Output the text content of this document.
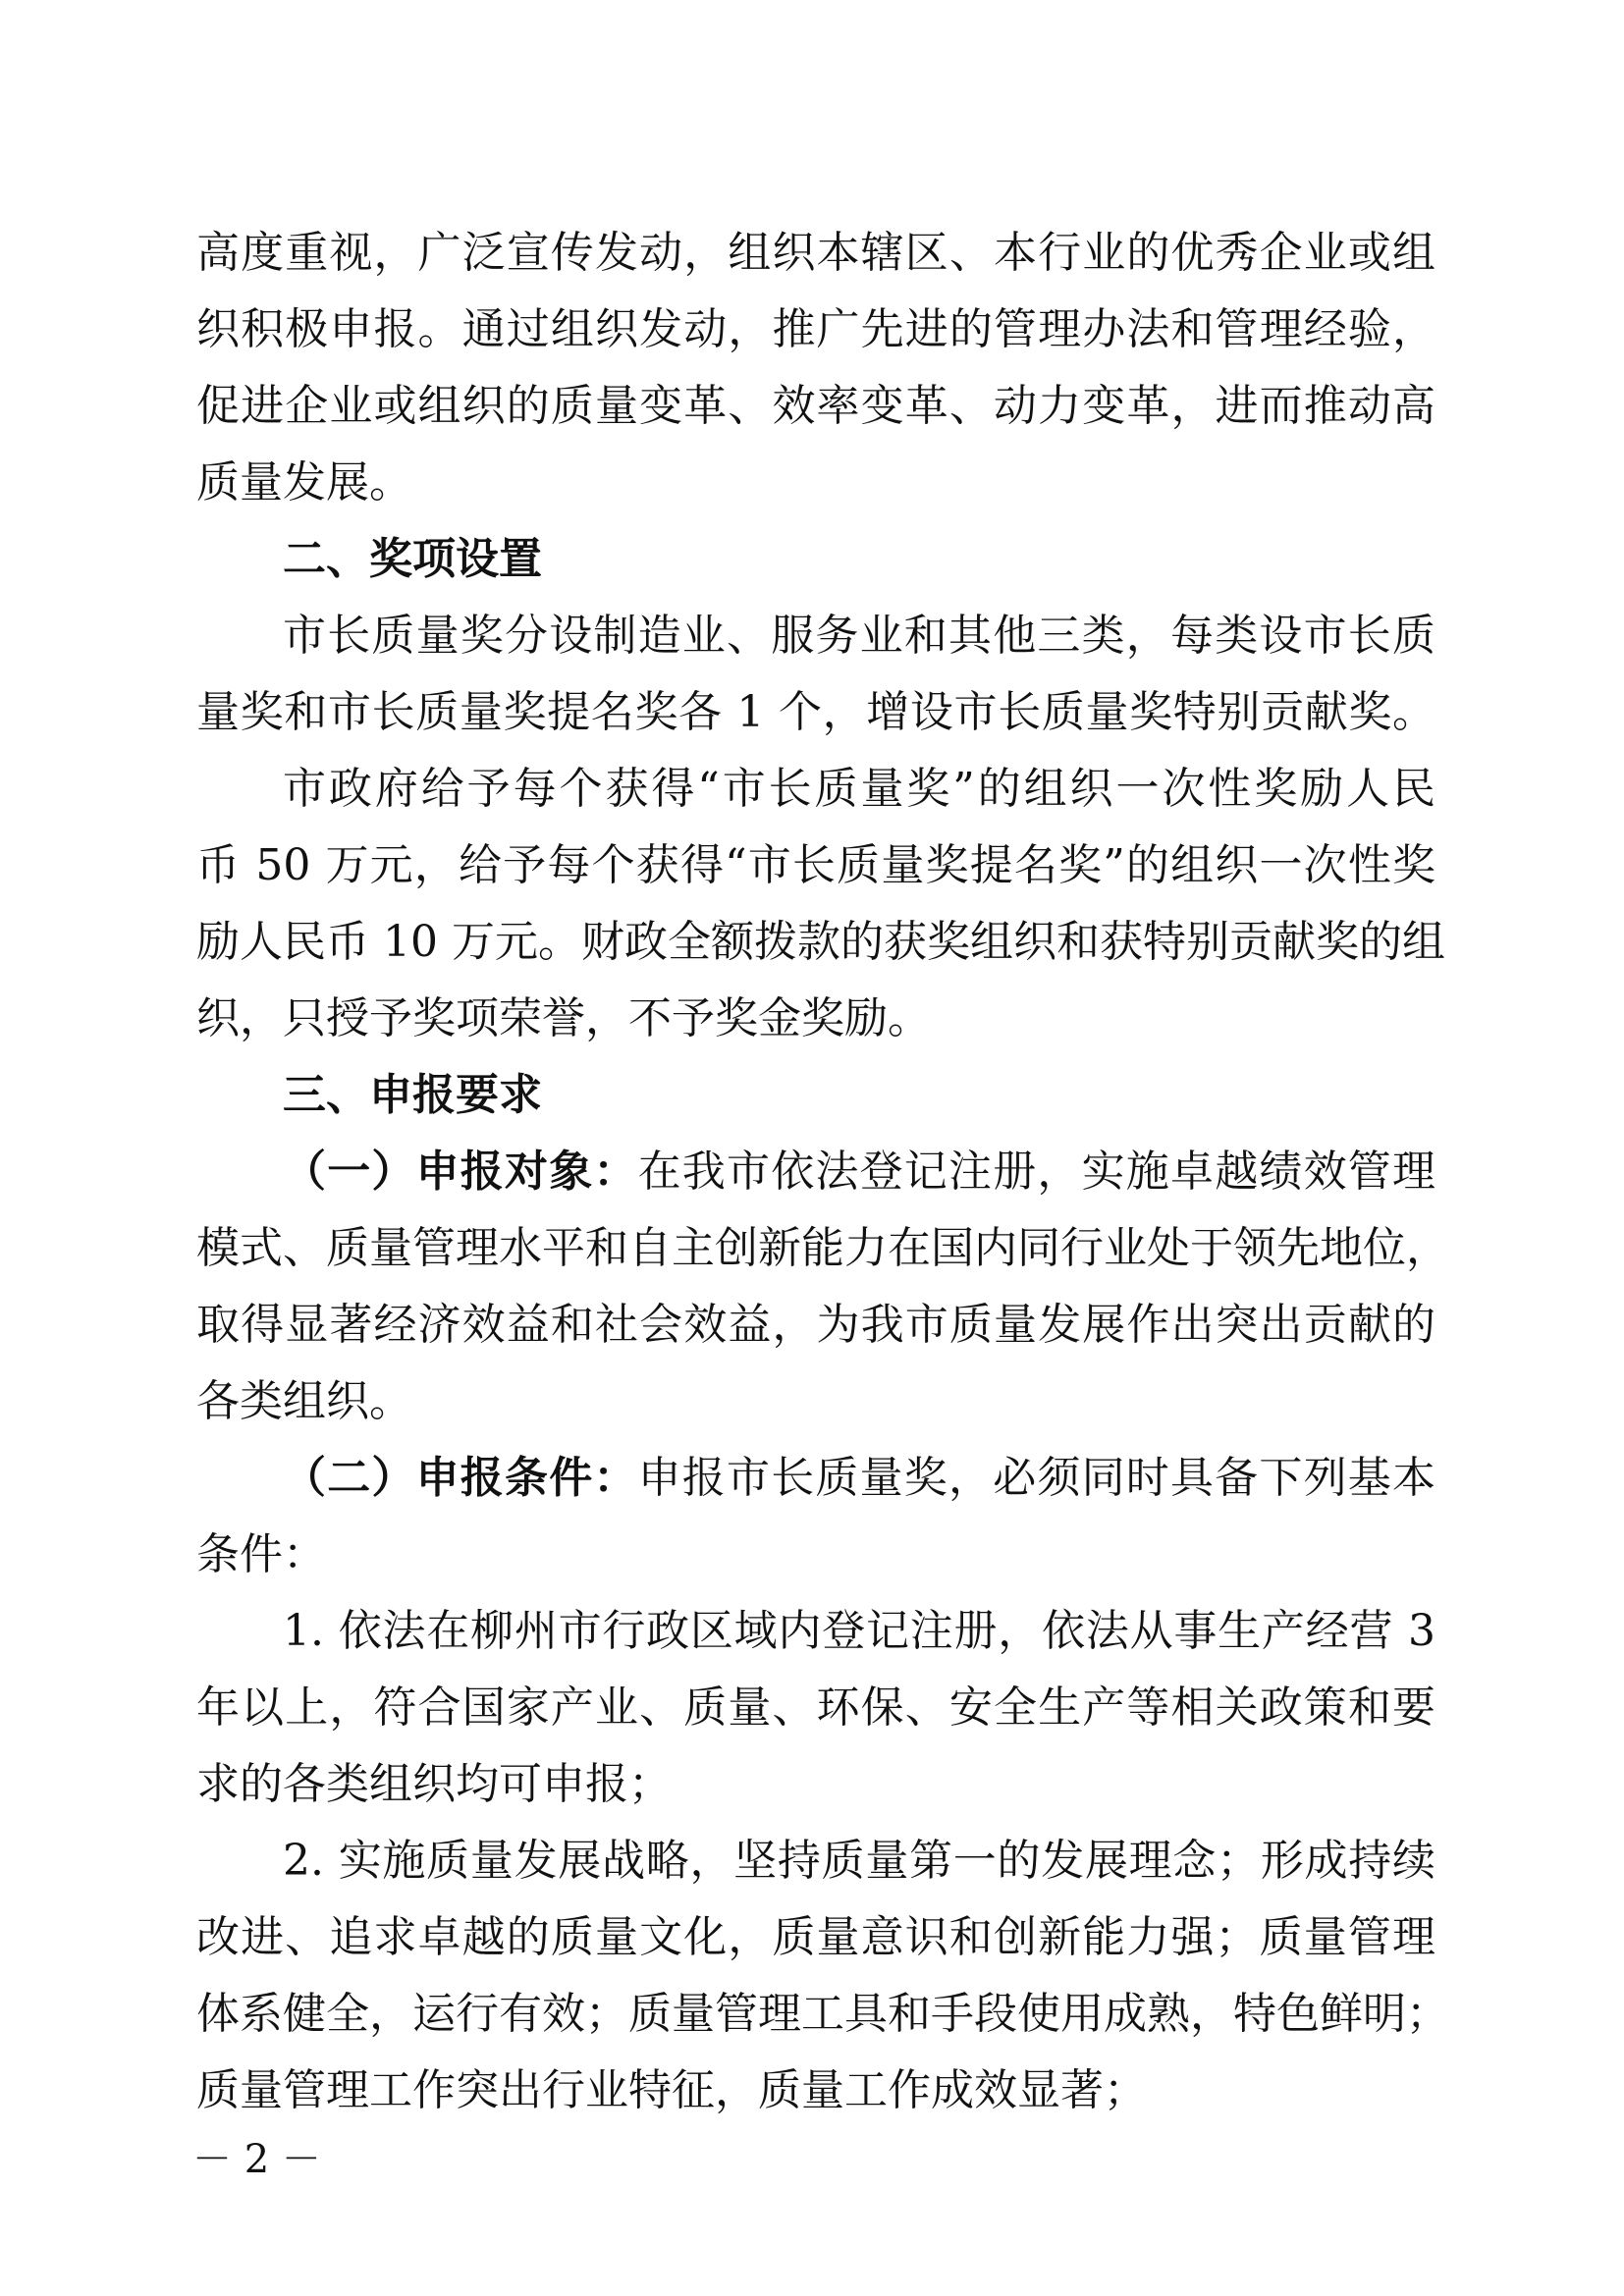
高度重视，广泛宣传发动，组织本辖区、本行业的优秀企业或组
织积极申报。通过组织发动，推广先进的管理办法和管理经验，
促进企业或组织的质量变革、效率变革、动力变革，进而推动高
质量发展。
二、奖项设置
市长质量奖分设制造业、服务业和其他三类，每类设市长质
量奖和市长质量奖提名奖各 1 个，增设市长质量奖特别贡献奖。
市政府给予每个获得“市长质量奖”的组织一次性奖励人民
币 50 万元，给予每个获得“市长质量奖提名奖”的组织一次性奖
励人民币 10 万元。财政全额拨款的获奖组织和获特别贡献奖的组
织，只授予奖项荣誉，不予奖金奖励。
三、申报要求
（一）申报对象：在我市依法登记注册，实施卓越绩效管理
模式、质量管理水平和自主创新能力在国内同行业处于领先地位，
取得显著经济效益和社会效益，为我市质量发展作出突出贡献的
各类组织。
（二）申报条件：申报市长质量奖，必须同时具备下列基本
条件：
1. 依法在柳州市行政区域内登记注册，依法从事生产经营 3
年以上，符合国家产业、质量、环保、安全生产等相关政策和要
求的各类组织均可申报；
2. 实施质量发展战略，坚持质量第一的发展理念；形成持续
改进、追求卓越的质量文化，质量意识和创新能力强；质量管理
体系健全，运行有效；质量管理工具和手段使用成熟，特色鲜明；
质量管理工作突出行业特征，质量工作成效显著；
－ 2 －
